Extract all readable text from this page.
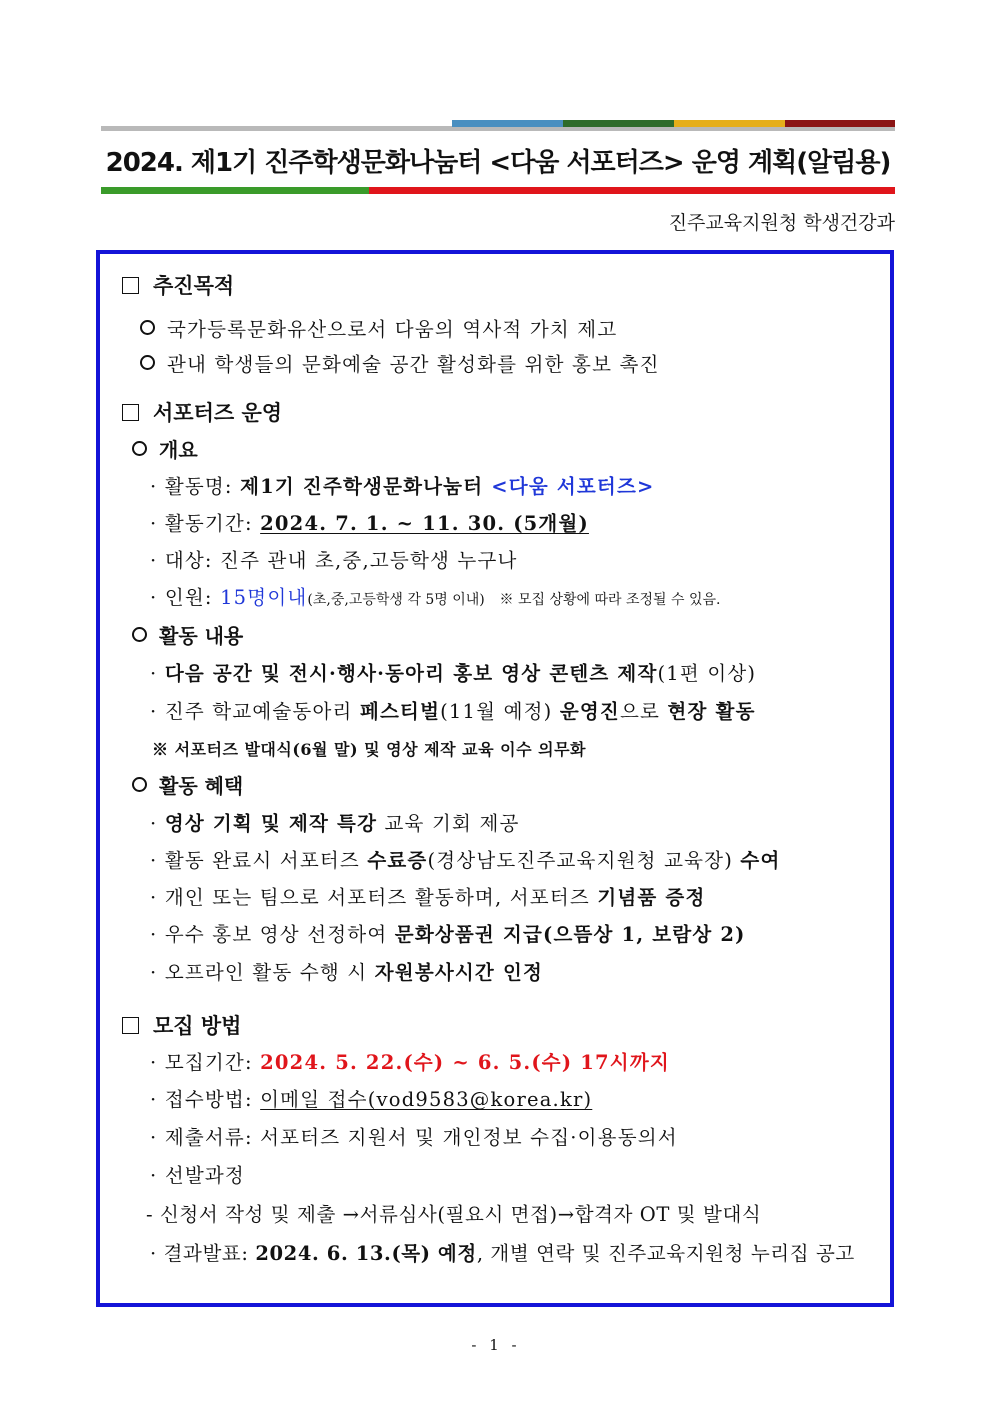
2024. 제1기 진주학생문화나눔터 <다움 서포터즈> 운영 계획(알림용)
진주교육지원청 학생건강과
추진목적
국가등록문화유산으로서 다움의 역사적 가치 제고
관내 학생들의 문화예술 공간 활성화를 위한 홍보 촉진
서포터즈 운영
개요
· 활동명: 제1기 진주학생문화나눔터 <다움 서포터즈>
· 활동기간: 2024. 7. 1. ~ 11. 30. (5개월)
· 대상: 진주 관내 초,중,고등학생 누구나
· 인원: 15명이내(초,중,고등학생 각 5명 이내) ※ 모집 상황에 따라 조정될 수 있음.
활동 내용
· 다음 공간 및 전시·행사·동아리 홍보 영상 콘텐츠 제작(1편 이상)
· 진주 학교예술동아리 페스티벌(11월 예정) 운영진으로 현장 활동
※ 서포터즈 발대식(6월 말) 및 영상 제작 교육 이수 의무화
활동 혜택
· 영상 기획 및 제작 특강 교육 기회 제공
· 활동 완료시 서포터즈 수료증(경상남도진주교육지원청 교육장) 수여
· 개인 또는 팀으로 서포터즈 활동하며, 서포터즈 기념품 증정
· 우수 홍보 영상 선정하여 문화상품권 지급(으뜸상 1, 보람상 2)
· 오프라인 활동 수행 시 자원봉사시간 인정
모집 방법
· 모집기간: 2024. 5. 22.(수) ~ 6. 5.(수) 17시까지
· 접수방법: 이메일 접수(vod9583@korea.kr)
· 제출서류: 서포터즈 지원서 및 개인정보 수집·이용동의서
· 선발과정
- 신청서 작성 및 제출 →서류심사(필요시 면접)→합격자 OT 및 발대식
· 결과발표: 2024. 6. 13.(목) 예정, 개별 연락 및 진주교육지원청 누리집 공고
- 1 -
